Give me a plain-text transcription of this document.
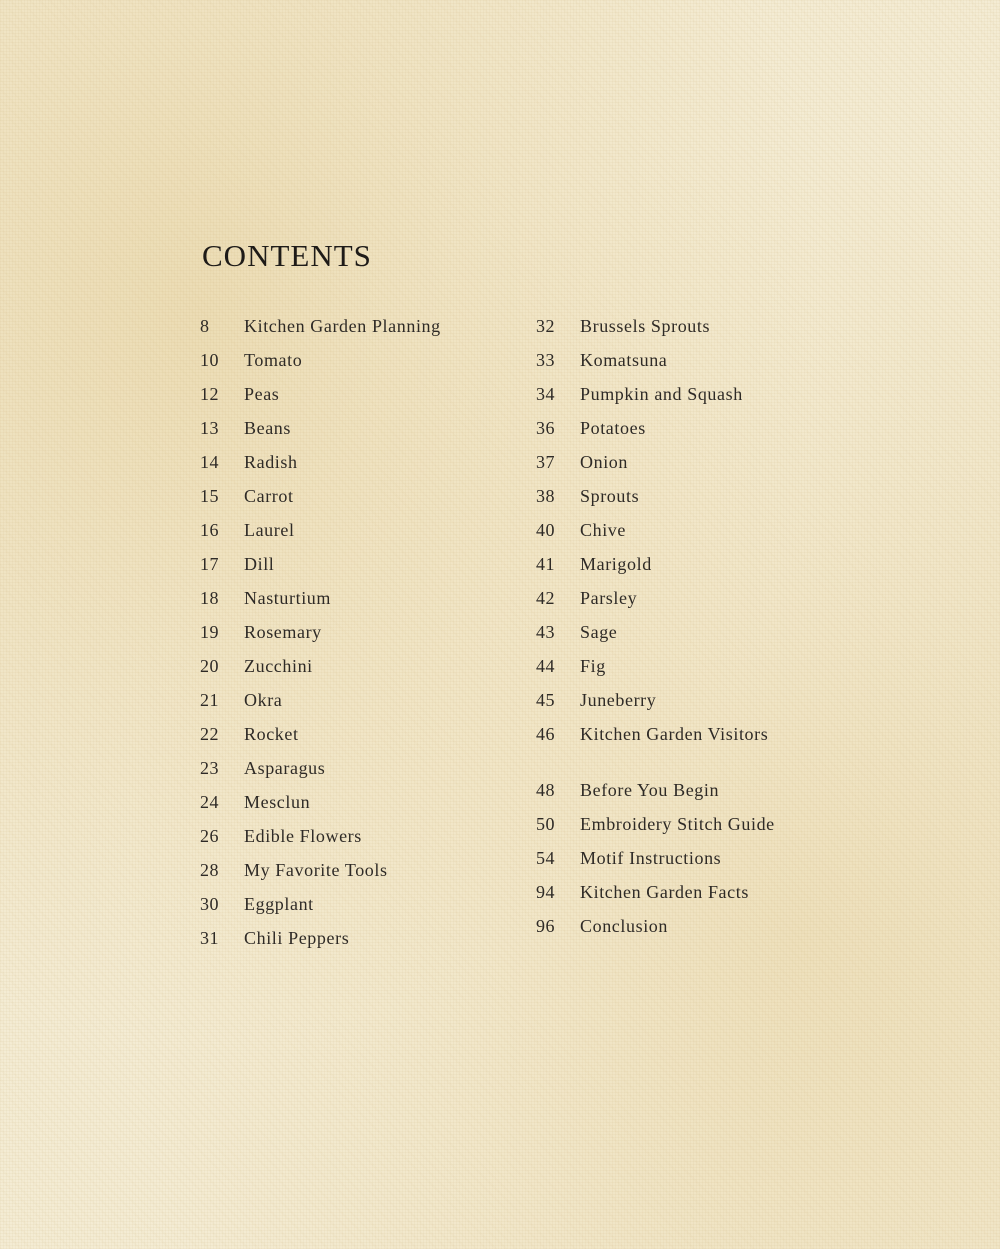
CONTENTS
8 Kitchen Garden Planning
10 Tomato
12 Peas
13 Beans
14 Radish
15 Carrot
16 Laurel
17 Dill
18 Nasturtium
19 Rosemary
20 Zucchini
21 Okra
22 Rocket
23 Asparagus
24 Mesclun
26 Edible Flowers
28 My Favorite Tools
30 Eggplant
31 Chili Peppers
32 Brussels Sprouts
33 Komatsuna
34 Pumpkin and Squash
36 Potatoes
37 Onion
38 Sprouts
40 Chive
41 Marigold
42 Parsley
43 Sage
44 Fig
45 Juneberry
46 Kitchen Garden Visitors
48 Before You Begin
50 Embroidery Stitch Guide
54 Motif Instructions
94 Kitchen Garden Facts
96 Conclusion
